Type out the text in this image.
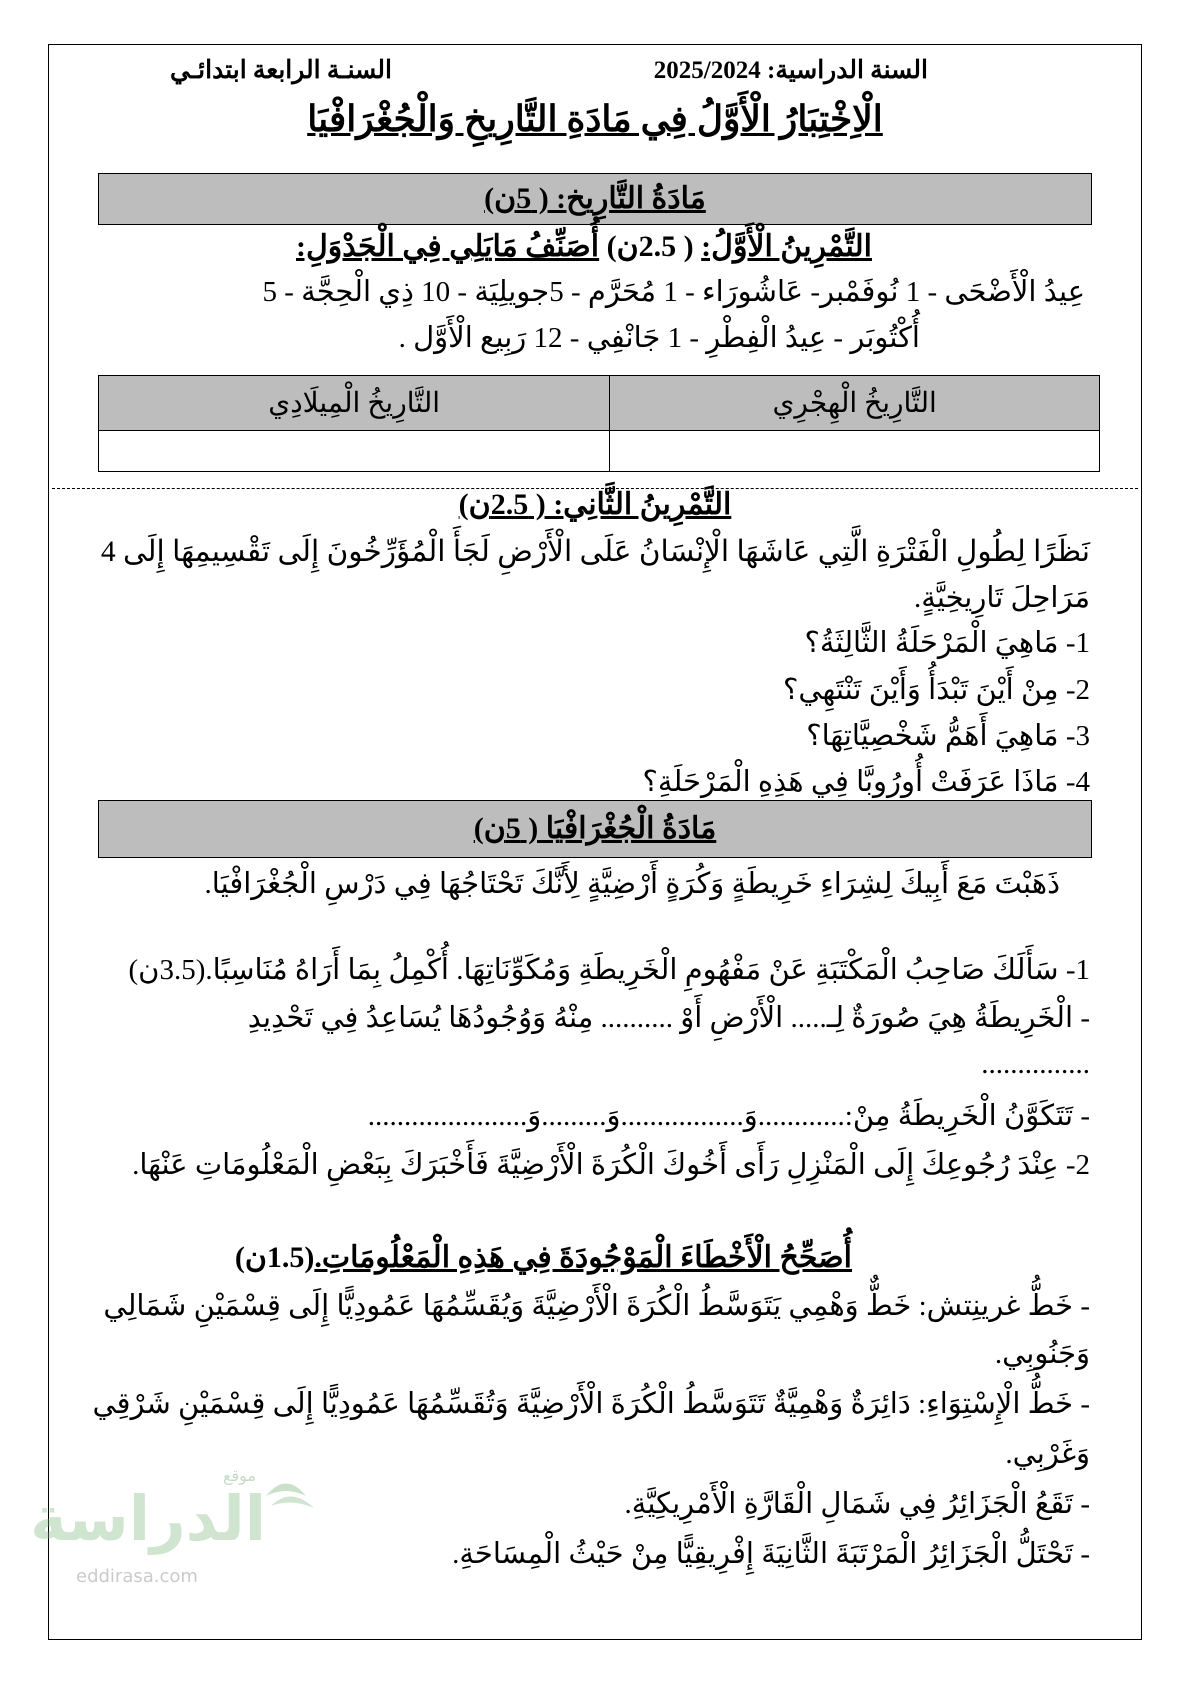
السنة الدراسية: 2025/2024
السنـة الرابعة ابتدائـي
الْاِخْتِبَارُ الْأَوَّلُ فِي مَادَةِ التَّارِيخِ وَالْجُغْرَافْيَا
مَادَةُ التَّارِيخ: ( 5ن)
التَّمْرِينُ الْأَوَّلُ: ( 2.5ن) أُصَنِّفُ مَايَلِي فِي الْجَدْوَلِ:
عِيدُ الْأَضْحَى - 1 نُوفَمْبر- عَاشُورَاء - 1 مُحَرَّم - 5جويلِيَة - 10 ذِي الْحِجَّة - 5
أُكْتُوبَر - عِيدُ الْفِطْرِ - 1 جَانْفِي - 12 رَبِيع الْأَوَّل .
التَّارِيخُ الْهِجْرِي	التَّارِيخُ الْمِيلَادِي

التَّمْرِينُ الثَّانِي: ( 2.5ن)
نَظَرًا لِطُولِ الْفَتْرَةِ الَّتِي عَاشَهَا الْإِنْسَانُ عَلَى الْأَرْضِ لَجَأَ الْمُؤَرِّخُونَ إِلَى تَقْسِيمِهَا إِلَى 4
مَرَاحِلَ تَارِيخِيَّةٍ.
1- مَاهِيَ الْمَرْحَلَةُ الثَّالِثَةُ؟
2- مِنْ أَيْنَ تَبْدَأُ وَأَيْنَ تَنْتَهِي؟
3- مَاهِيَ أَهَمُّ شَخْصِيَّاتِهَا؟
4- مَاذَا عَرَفَتْ أُورُوبَّا فِي هَذِهِ الْمَرْحَلَةِ؟
مَادَةُ الْجُغْرَافْيَا ( 5ن)
ذَهَبْتَ مَعَ أَبِيكَ لِشِرَاءِ خَرِيطَةٍ وَكُرَةٍ أَرْضِيَّةٍ لِأَنَّكَ تَحْتَاجُهَا فِي دَرْسِ الْجُغْرَافْيَا.
1- سَأَلَكَ صَاحِبُ الْمَكْتَبَةِ عَنْ مَفْهُومِ الْخَرِيطَةِ وَمُكَوِّنَاتِهَا. أُكْمِلُ بِمَا أَرَاهُ مُنَاسِبًا.(3.5ن)
- الْخَرِيطَةُ هِيَ صُورَةٌ لِـ..... الْأَرْضِ أَوْ .......... مِنْهُ وَوُجُودُهَا يُسَاعِدُ فِي تَحْدِيدِ
...............
- تَتَكَوَّنُ الْخَرِيطَةُ مِنْ:............وَ.................وَ.........وَ......................
2- عِنْدَ رُجُوعِكَ إِلَى الْمَنْزِلِ رَأَى أَخُوكَ الْكُرَةَ الْأَرْضِيَّةَ فَأَخْبَرَكَ بِبَعْضِ الْمَعْلُومَاتِ عَنْهَا.
أُصَحِّحُ الْأَخْطَاءَ الْمَوْجُودَةَ فِي هَذِهِ الْمَعْلُومَاتِ.(1.5ن)
- خَطُّ غرينِتش: خَطٌّ وَهْمِي يَتَوَسَّطُ الْكُرَةَ الْأَرْضِيَّةَ وَيُقَسِّمُهَا عَمُودِيًّا إِلَى قِسْمَيْنِ شَمَالِي
وَجَنُوبِي.
- خَطُّ الْإِسْتِوَاءِ: دَائِرَةٌ وَهْمِيَّةٌ تَتَوَسَّطُ الْكُرَةَ الْأَرْضِيَّةَ وَتُقَسِّمُهَا عَمُودِيًّا إِلَى قِسْمَيْنِ شَرْقِي
وَغَرْبِي.
- تَقَعُ الْجَزَائِرُ فِي شَمَالِ الْقَارَّةِ الْأَمْرِيكِيَّةِ.
- تَحْتَلُّ الْجَزَائِرُ الْمَرْتَبَةَ الثَّانِيَةَ إِفْرِيقِيًّا مِنْ حَيْثُ الْمِسَاحَةِ.
موقع
الدراسة
eddirasa.com
